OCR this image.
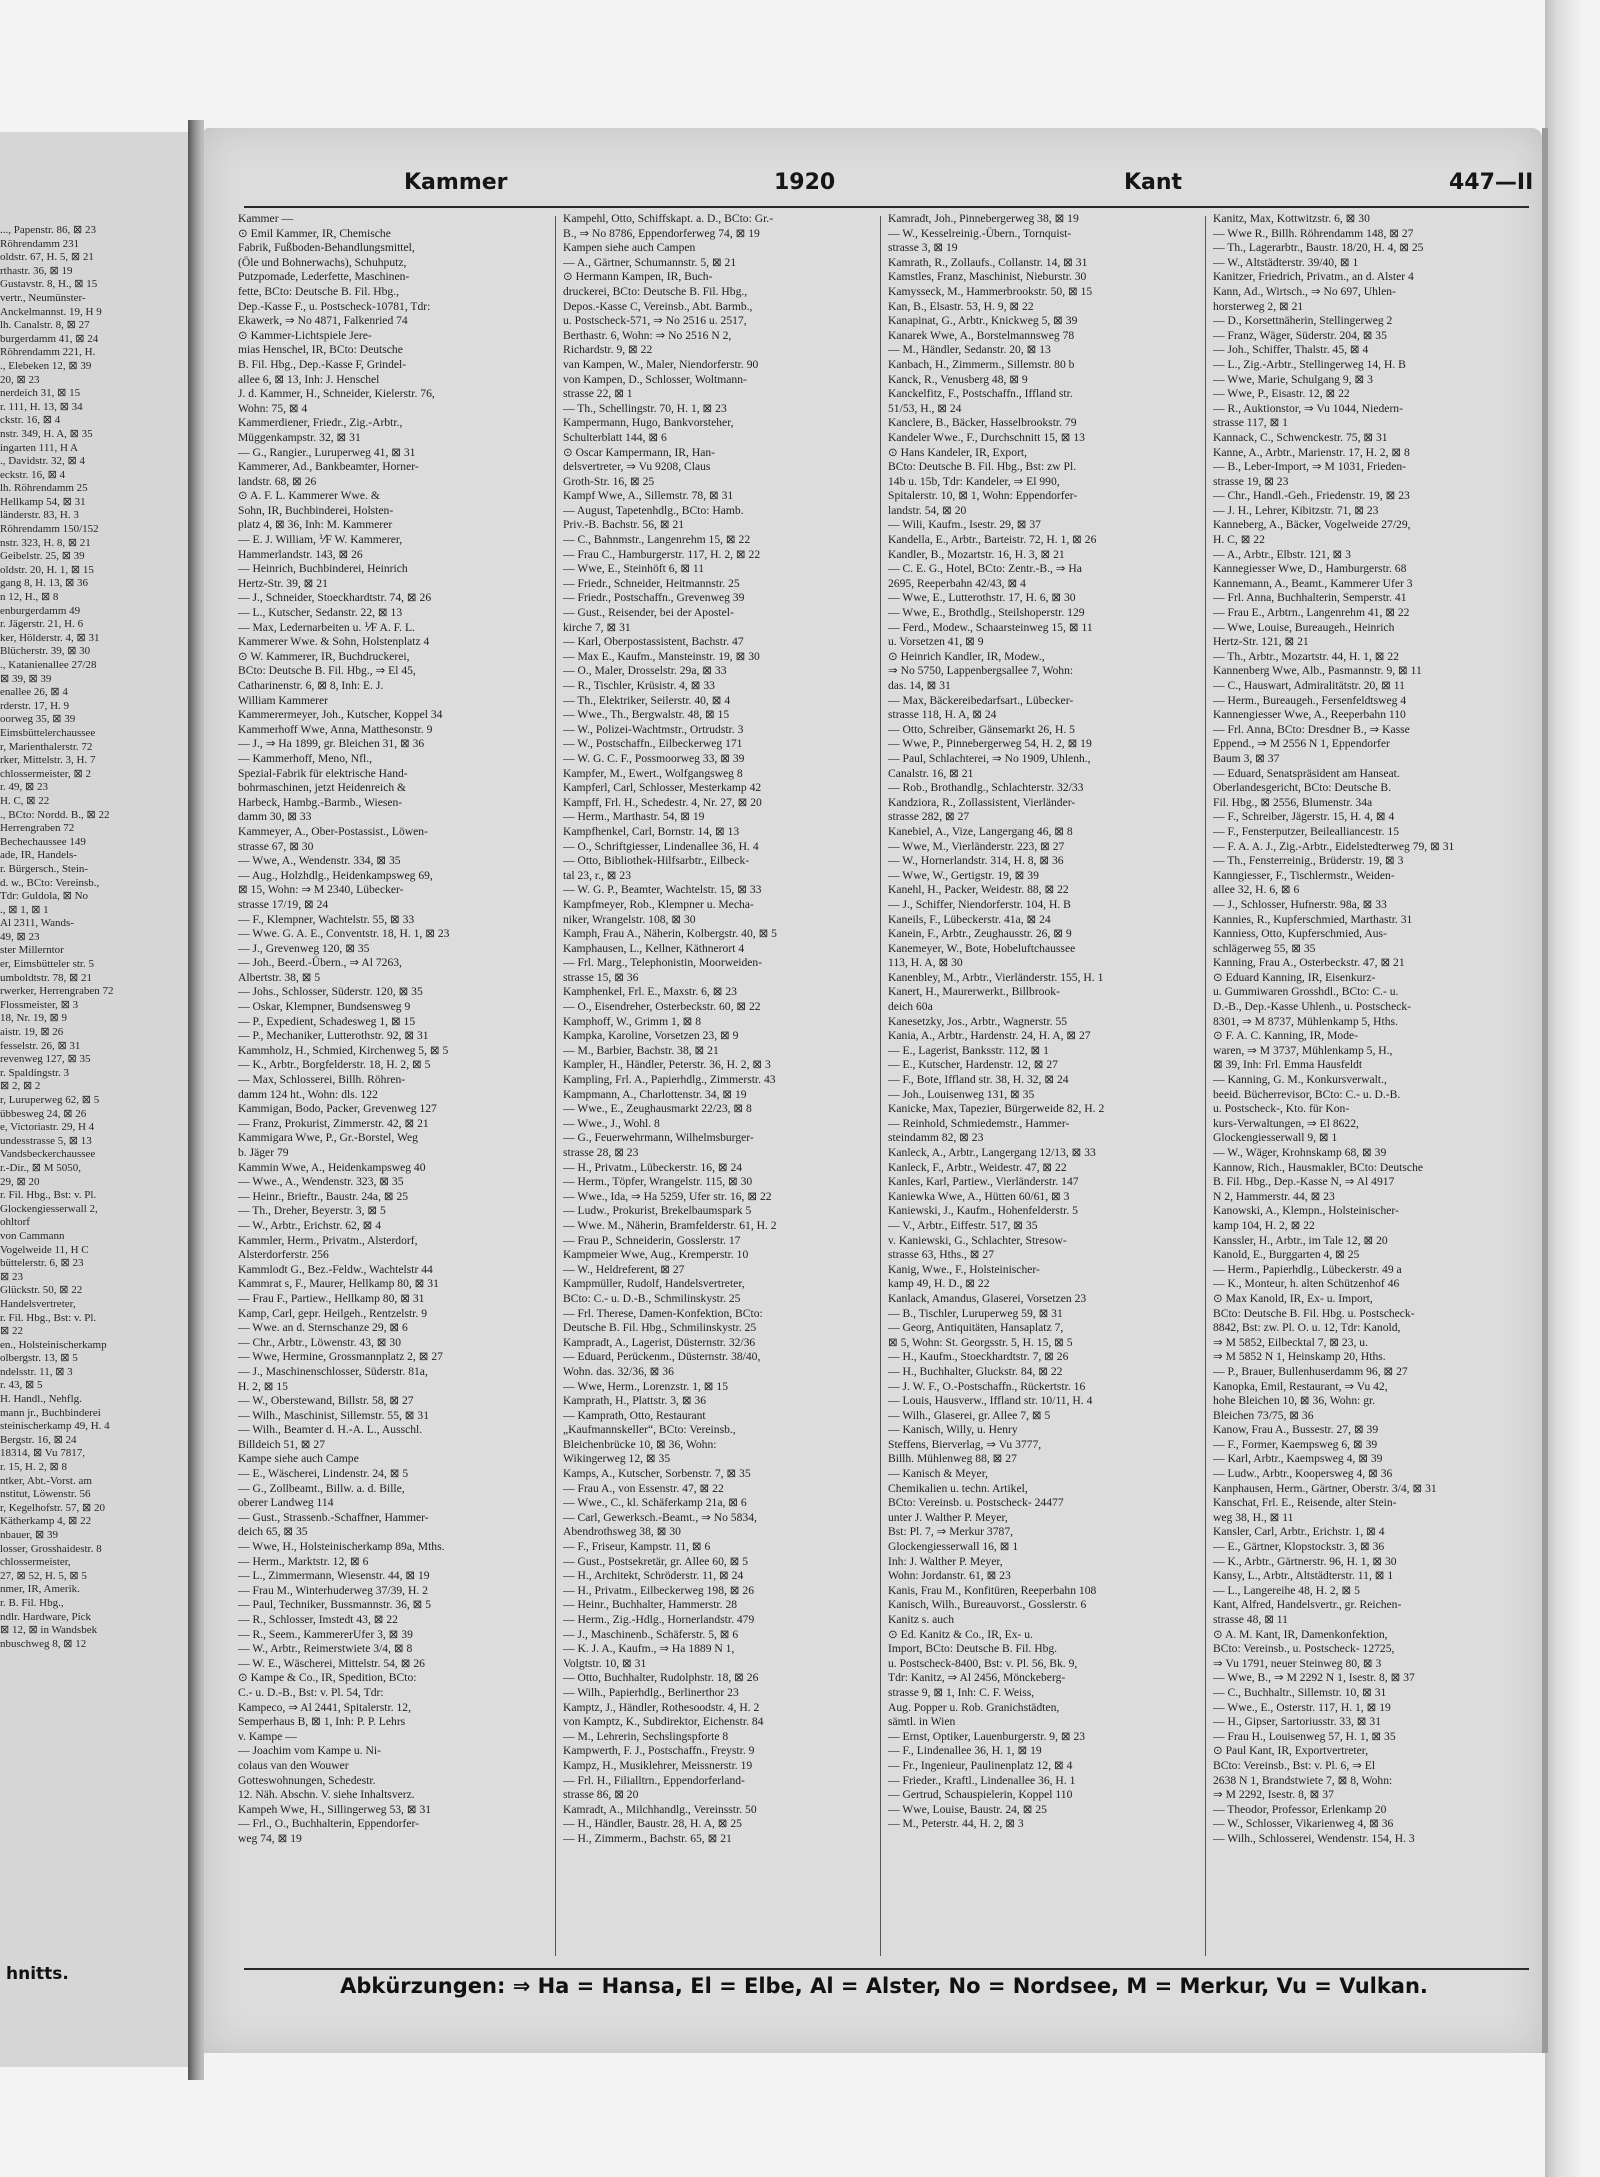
..., Papenstr. 86, ⊠ 23
Röhrendamm 231
oldstr. 67, H. 5, ⊠ 21
rthastr. 36, ⊠ 19
Gustavstr. 8, H., ⊠ 15
vertr., Neumünster-
Anckelmannst. 19, H 9
lh. Canalstr. 8, ⊠ 27
burgerdamm 41, ⊠ 24
Röhrendamm 221, H.
., Elebeken 12, ⊠ 39
20, ⊠ 23
nerdeich 31, ⊠ 15
r. 111, H. 13, ⊠ 34
ckstr. 16, ⊠ 4
nstr. 349, H. A, ⊠ 35
ingarten 111, H A
., Davidstr. 32, ⊠ 4
eckstr. 16, ⊠ 4
lh. Röhrendamm 25
Hellkamp 54, ⊠ 31
länderstr. 83, H. 3
Röhrendamm 150/152
nstr. 323, H. 8, ⊠ 21
Geibelstr. 25, ⊠ 39
oldstr. 20, H. 1, ⊠ 15
gang 8, H. 13, ⊠ 36
n 12, H., ⊠ 8
enburgerdamm 49
r. Jägerstr. 21, H. 6
ker, Hölderstr. 4, ⊠ 31
Blücherstr. 39, ⊠ 30
., Katanienallee 27/28
⊠ 39, ⊠ 39
enallee 26, ⊠ 4
rderstr. 17, H. 9
oorweg 35, ⊠ 39
Eimsbüttelerchaussee
r, Marienthalerstr. 72
rker, Mittelstr. 3, H. 7
chlossermeister, ⊠ 2
r. 49, ⊠ 23
H. C, ⊠ 22
., BCto: Nordd. B., ⊠ 22
Herrengraben 72
Bechechaussee 149
ade, IR, Handels-
r. Bürgersch., Stein-
d. w., BCto: Vereinsb.,
Tdr: Guldola, ⊠ No
., ⊠ 1, ⊠ 1
Al 2311, Wands-
49, ⊠ 23
ster Millerntor
er, Eimsbütteler str. 5
umboldtstr. 78, ⊠ 21
rwerker, Herrengraben 72
Flossmeister, ⊠ 3
18, Nr. 19, ⊠ 9
aistr. 19, ⊠ 26
fesselstr. 26, ⊠ 31
revenweg 127, ⊠ 35
r. Spaldingstr. 3
⊠ 2, ⊠ 2
r, Luruperweg 62, ⊠ 5
übbesweg 24, ⊠ 26
e, Victoriastr. 29, H 4
undesstrasse 5, ⊠ 13
Vandsbeckerchaussee
r.-Dir., ⊠ M 5050,
29, ⊠ 20
r. Fil. Hbg., Bst: v. Pl.
Glockengiesserwall 2,
ohltorf
von Cammann
Vogelweide 11, H C
büttelerstr. 6, ⊠ 23
⊠ 23
Glückstr. 50, ⊠ 22
Handelsvertreter,
r. Fil. Hbg., Bst: v. Pl.
⊠ 22
en., Holsteinischerkamp
olbergstr. 13, ⊠ 5
ndelsstr. 11, ⊠ 3
r. 43, ⊠ 5
H. Handl., Nehflg.
mann jr., Buchbinderei
steinischerkamp 49, H. 4
Bergstr. 16, ⊠ 24
18314, ⊠ Vu 7817,
r. 15, H. 2, ⊠ 8
ntker, Abt.-Vorst. am
nstitut, Löwenstr. 56
r, Kegelhofstr. 57, ⊠ 20
Kätherkamp 4, ⊠ 22
nbauer, ⊠ 39
losser, Grosshaidestr. 8
chlossermeister,
27, ⊠ 52, H. 5, ⊠ 5
nmer, IR, Amerik.
r. B. Fil. Hbg.,
ndlr. Hardware, Pick
⊠ 12, ⊠ in Wandsbek
nbuschweg 8, ⊠ 12
hnitts.
Kammer	1920	Kant	447—II
Kammer —
⊙ Emil Kammer, IR, Chemische
Fabrik, Fußboden-Behandlungsmittel,
(Öle und Bohnerwachs), Schuhputz,
Putzpomade, Lederfette, Maschinen-
fette, BCto: Deutsche B. Fil. Hbg.,
Dep.-Kasse F., u. Postscheck-10781, Tdr:
Ekawerk, ⇒ No 4871, Falkenried 74
⊙ Kammer-Lichtspiele Jere-
mias Henschel, IR, BCto: Deutsche
B. Fil. Hbg., Dep.-Kasse F, Grindel-
allee 6, ⊠ 13, Inh: J. Henschel
J. d. Kammer, H., Schneider, Kielerstr. 76,
Wohn: 75, ⊠ 4
Kammerdiener, Friedr., Zig.-Arbtr.,
Müggenkampstr. 32, ⊠ 31
— G., Rangier., Luruperweg 41, ⊠ 31
Kammerer, Ad., Bankbeamter, Horner-
landstr. 68, ⊠ 26
⊙ A. F. L. Kammerer Wwe. &
Sohn, IR, Buchbinderei, Holsten-
platz 4, ⊠ 36, Inh: M. Kammerer
— E. J. William, ⅟F W. Kammerer,
Hammerlandstr. 143, ⊠ 26
— Heinrich, Buchbinderei, Heinrich
Hertz-Str. 39, ⊠ 21
— J., Schneider, Stoeckhardtstr. 74, ⊠ 26
— L., Kutscher, Sedanstr. 22, ⊠ 13
— Max, Ledernarbeiten u. ⅟F A. F. L.
Kammerer Wwe. & Sohn, Holstenplatz 4
⊙ W. Kammerer, IR, Buchdruckerei,
BCto: Deutsche B. Fil. Hbg., ⇒ El 45,
Catharinenstr. 6, ⊠ 8, Inh: E. J.
William Kammerer
Kammerermeyer, Joh., Kutscher, Koppel 34
Kammerhoff Wwe, Anna, Matthesonstr. 9
— J., ⇒ Ha 1899, gr. Bleichen 31, ⊠ 36
— Kammerhoff, Meno, Nfl.,
Spezial-Fabrik für elektrische Hand-
bohrmaschinen, jetzt Heidenreich &
Harbeck, Hambg.-Barmb., Wiesen-
damm 30, ⊠ 33
Kammeyer, A., Ober-Postassist., Löwen-
strasse 67, ⊠ 30
— Wwe, A., Wendenstr. 334, ⊠ 35
— Aug., Holzhdlg., Heidenkampsweg 69,
⊠ 15, Wohn: ⇒ M 2340, Lübecker-
strasse 17/19, ⊠ 24
— F., Klempner, Wachtelstr. 55, ⊠ 33
— Wwe. G. A. E., Conventstr. 18, H. 1, ⊠ 23
— J., Grevenweg 120, ⊠ 35
— Joh., Beerd.-Übern., ⇒ Al 7263,
Albertstr. 38, ⊠ 5
— Johs., Schlosser, Süderstr. 120, ⊠ 35
— Oskar, Klempner, Bundsensweg 9
— P., Expedient, Schadesweg 1, ⊠ 15
— P., Mechaniker, Lutterothstr. 92, ⊠ 31
Kammholz, H., Schmied, Kirchenweg 5, ⊠ 5
— K., Arbtr., Borgfelderstr. 18, H. 2, ⊠ 5
— Max, Schlosserei, Billh. Röhren-
damm 124 ht., Wohn: dls. 122
Kammigan, Bodo, Packer, Grevenweg 127
— Franz, Prokurist, Zimmerstr. 42, ⊠ 21
Kammigara Wwe, P., Gr.-Borstel, Weg
b. Jäger 79
Kammin Wwe, A., Heidenkampsweg 40
— Wwe., A., Wendenstr. 323, ⊠ 35
— Heinr., Brieftr., Baustr. 24a, ⊠ 25
— Th., Dreher, Beyerstr. 3, ⊠ 5
— W., Arbtr., Erichstr. 62, ⊠ 4
Kammler, Herm., Privatm., Alsterdorf,
Alsterdorferstr. 256
Kammlodt G., Bez.-Feldw., Wachtelstr 44
Kammrat s, F., Maurer, Hellkamp 80, ⊠ 31
— Frau F., Partiew., Hellkamp 80, ⊠ 31
Kamp, Carl, gepr. Heilgeh., Rentzelstr. 9
— Wwe. an d. Sternschanze 29, ⊠ 6
— Chr., Arbtr., Löwenstr. 43, ⊠ 30
— Wwe, Hermine, Grossmannplatz 2, ⊠ 27
— J., Maschinenschlosser, Süderstr. 81a,
H. 2, ⊠ 15
— W., Oberstewand, Billstr. 58, ⊠ 27
— Wilh., Maschinist, Sillemstr. 55, ⊠ 31
— Wilh., Beamter d. H.-A. L., Ausschl.
Billdeich 51, ⊠ 27
Kampe siehe auch Campe
— E., Wäscherei, Lindenstr. 24, ⊠ 5
— G., Zollbeamt., Billw. a. d. Bille,
oberer Landweg 114
— Gust., Strassenb.-Schaffner, Hammer-
deich 65, ⊠ 35
— Wwe, H., Holsteinischerkamp 89a, Mths.
— Herm., Marktstr. 12, ⊠ 6
— L., Zimmermann, Wiesenstr. 44, ⊠ 19
— Frau M., Winterhuderweg 37/39, H. 2
— Paul, Techniker, Bussmannstr. 36, ⊠ 5
— R., Schlosser, Imstedt 43, ⊠ 22
— R., Seem., KammererUfer 3, ⊠ 39
— W., Arbtr., Reimerstwiete 3/4, ⊠ 8
— W. E., Wäscherei, Mittelstr. 54, ⊠ 26
⊙ Kampe & Co., IR, Spedition, BCto:
C.- u. D.-B., Bst: v. Pl. 54, Tdr:
Kampeco, ⇒ Al 2441, Spitalerstr. 12,
Semperhaus B, ⊠ 1, Inh: P. P. Lehrs
v. Kampe —
— Joachim vom Kampe u. Ni-
colaus van den Wouwer
Gotteswohnungen, Schedestr.
12. Näh. Abschn. V. siehe Inhaltsverz.
Kampeh Wwe, H., Sillingerweg 53, ⊠ 31
— Frl., O., Buchhalterin, Eppendorfer-
weg 74, ⊠ 19
Kampehl, Otto, Schiffskapt. a. D., BCto: Gr.-
B., ⇒ No 8786, Eppendorferweg 74, ⊠ 19
Kampen siehe auch Campen
— A., Gärtner, Schumannstr. 5, ⊠ 21
⊙ Hermann Kampen, IR, Buch-
druckerei, BCto: Deutsche B. Fil. Hbg.,
Depos.-Kasse C, Vereinsb., Abt. Barmb.,
u. Postscheck-571, ⇒ No 2516 u. 2517,
Berthastr. 6, Wohn: ⇒ No 2516 N 2,
Richardstr. 9, ⊠ 22
van Kampen, W., Maler, Niendorferstr. 90
von Kampen, D., Schlosser, Woltmann-
strasse 22, ⊠ 1
— Th., Schellingstr. 70, H. 1, ⊠ 23
Kampermann, Hugo, Bankvorsteher,
Schulterblatt 144, ⊠ 6
⊙ Oscar Kampermann, IR, Han-
delsvertreter, ⇒ Vu 9208, Claus
Groth-Str. 16, ⊠ 25
Kampf Wwe, A., Sillemstr. 78, ⊠ 31
— August, Tapetenhdlg., BCto: Hamb.
Priv.-B. Bachstr. 56, ⊠ 21
— C., Bahnmstr., Langenrehm 15, ⊠ 22
— Frau C., Hamburgerstr. 117, H. 2, ⊠ 22
— Wwe, E., Steinhöft 6, ⊠ 11
— Friedr., Schneider, Heitmannstr. 25
— Friedr., Postschaffn., Grevenweg 39
— Gust., Reisender, bei der Apostel-
kirche 7, ⊠ 31
— Karl, Oberpostassistent, Bachstr. 47
— Max E., Kaufm., Mansteinstr. 19, ⊠ 30
— O., Maler, Drosselstr. 29a, ⊠ 33
— R., Tischler, Krüsistr. 4, ⊠ 33
— Th., Elektriker, Seilerstr. 40, ⊠ 4
— Wwe., Th., Bergwalstr. 48, ⊠ 15
— W., Polizei-Wachtmstr., Ortrudstr. 3
— W., Postschaffn., Eilbeckerweg 171
— W. G. C. F., Possmoorweg 33, ⊠ 39
Kampfer, M., Ewert., Wolfgangsweg 8
Kampferl, Carl, Schlosser, Mesterkamp 42
Kampff, Frl. H., Schedestr. 4, Nr. 27, ⊠ 20
— Herm., Marthastr. 54, ⊠ 19
Kampfhenkel, Carl, Bornstr. 14, ⊠ 13
— O., Schriftgiesser, Lindenallee 36, H. 4
— Otto, Bibliothek-Hilfsarbtr., Eilbeck-
tal 23, r., ⊠ 23
— W. G. P., Beamter, Wachtelstr. 15, ⊠ 33
Kampfmeyer, Rob., Klempner u. Mecha-
niker, Wrangelstr. 108, ⊠ 30
Kamph, Frau A., Näherin, Kolbergstr. 40, ⊠ 5
Kamphausen, L., Kellner, Käthnerort 4
— Frl. Marg., Telephonistin, Moorweiden-
strasse 15, ⊠ 36
Kamphenkel, Frl. E., Maxstr. 6, ⊠ 23
— O., Eisendreher, Osterbeckstr. 60, ⊠ 22
Kamphoff, W., Grimm 1, ⊠ 8
Kampka, Karoline, Vorsetzen 23, ⊠ 9
— M., Barbier, Bachstr. 38, ⊠ 21
Kampler, H., Händler, Peterstr. 36, H. 2, ⊠ 3
Kampling, Frl. A., Papierhdlg., Zimmerstr. 43
Kampmann, A., Charlottenstr. 34, ⊠ 19
— Wwe., E., Zeughausmarkt 22/23, ⊠ 8
— Wwe., J., Wohl. 8
— G., Feuerwehrmann, Wilhelmsburger-
strasse 28, ⊠ 23
— H., Privatm., Lübeckerstr. 16, ⊠ 24
— Herm., Töpfer, Wrangelstr. 115, ⊠ 30
— Wwe., Ida, ⇒ Ha 5259, Ufer str. 16, ⊠ 22
— Ludw., Prokurist, Brekelbaumspark 5
— Wwe. M., Näherin, Bramfelderstr. 61, H. 2
— Frau P., Schneiderin, Gosslerstr. 17
Kampmeier Wwe, Aug., Kremperstr. 10
— W., Heldreferent, ⊠ 27
Kampmüller, Rudolf, Handelsvertreter,
BCto: C.- u. D.-B., Schmilinskystr. 25
— Frl. Therese, Damen-Konfektion, BCto:
Deutsche B. Fil. Hbg., Schmilinskystr. 25
Kampradt, A., Lagerist, Düsternstr. 32/36
— Eduard, Perückenm., Düsternstr. 38/40,
Wohn. das. 32/36, ⊠ 36
— Wwe, Herm., Lorenzstr. 1, ⊠ 15
Kamprath, H., Plattstr. 3, ⊠ 36
— Kamprath, Otto, Restaurant
„Kaufmannskeller“, BCto: Vereinsb.,
Bleichenbrücke 10, ⊠ 36, Wohn:
Wikingerweg 12, ⊠ 35
Kamps, A., Kutscher, Sorbenstr. 7, ⊠ 35
— Frau A., von Essenstr. 47, ⊠ 22
— Wwe., C., kl. Schäferkamp 21a, ⊠ 6
— Carl, Gewerksch.-Beamt., ⇒ No 5834,
Abendrothsweg 38, ⊠ 30
— F., Friseur, Kampstr. 11, ⊠ 6
— Gust., Postsekretär, gr. Allee 60, ⊠ 5
— H., Architekt, Schröderstr. 11, ⊠ 24
— H., Privatm., Eilbeckerweg 198, ⊠ 26
— Heinr., Buchhalter, Hammerstr. 28
— Herm., Zig.-Hdlg., Hornerlandstr. 479
— J., Maschinenb., Schäferstr. 5, ⊠ 6
— K. J. A., Kaufm., ⇒ Ha 1889 N 1,
Volgtstr. 10, ⊠ 31
— Otto, Buchhalter, Rudolphstr. 18, ⊠ 26
— Wilh., Papierhdlg., Berlinerthor 23
Kamptz, J., Händler, Rothesoodstr. 4, H. 2
von Kamptz, K., Subdirektor, Eichenstr. 84
— M., Lehrerin, Sechslingspforte 8
Kampwerth, F. J., Postschaffn., Freystr. 9
Kampz, H., Musiklehrer, Meissnerstr. 19
— Frl. H., Filialltrn., Eppendorferland-
strasse 86, ⊠ 20
Kamradt, A., Milchhandlg., Vereinsstr. 50
— H., Händler, Baustr. 28, H. A, ⊠ 25
— H., Zimmerm., Bachstr. 65, ⊠ 21
Kamradt, Joh., Pinnebergerweg 38, ⊠ 19
— W., Kesselreinig.-Übern., Tornquist-
strasse 3, ⊠ 19
Kamrath, R., Zollaufs., Collanstr. 14, ⊠ 31
Kamstles, Franz, Maschinist, Nieburstr. 30
Kamysseck, M., Hammerbrookstr. 50, ⊠ 15
Kan, B., Elsastr. 53, H. 9, ⊠ 22
Kanapinat, G., Arbtr., Knickweg 5, ⊠ 39
Kanarek Wwe, A., Borstelmannsweg 78
— M., Händler, Sedanstr. 20, ⊠ 13
Kanbach, H., Zimmerm., Sillemstr. 80 b
Kanck, R., Venusberg 48, ⊠ 9
Kanckelfitz, F., Postschaffn., Iffland str.
51/53, H., ⊠ 24
Kanclere, B., Bäcker, Hasselbrookstr. 79
Kandeler Wwe., F., Durchschnitt 15, ⊠ 13
⊙ Hans Kandeler, IR, Export,
BCto: Deutsche B. Fil. Hbg., Bst: zw Pl.
14b u. 15b, Tdr: Kandeler, ⇒ El 990,
Spitalerstr. 10, ⊠ 1, Wohn: Eppendorfer-
landstr. 54, ⊠ 20
— Wili, Kaufm., Isestr. 29, ⊠ 37
Kandella, E., Arbtr., Barteistr. 72, H. 1, ⊠ 26
Kandler, B., Mozartstr. 16, H. 3, ⊠ 21
— C. E. G., Hotel, BCto: Zentr.-B., ⇒ Ha
2695, Reeperbahn 42/43, ⊠ 4
— Wwe, E., Lutterothstr. 17, H. 6, ⊠ 30
— Wwe, E., Brothdlg., Steilshoperstr. 129
— Ferd., Modew., Schaarsteinweg 15, ⊠ 11
u. Vorsetzen 41, ⊠ 9
⊙ Heinrich Kandler, IR, Modew.,
⇒ No 5750, Lappenbergsallee 7, Wohn:
das. 14, ⊠ 31
— Max, Bäckereibedarfsart., Lübecker-
strasse 118, H. A, ⊠ 24
— Otto, Schreiber, Gänsemarkt 26, H. 5
— Wwe, P., Pinnebergerweg 54, H. 2, ⊠ 19
— Paul, Schlachterei, ⇒ No 1909, Uhlenh.,
Canalstr. 16, ⊠ 21
— Rob., Brothandlg., Schlachterstr. 32/33
Kandziora, R., Zollassistent, Vierländer-
strasse 282, ⊠ 27
Kanebiel, A., Vize, Langergang 46, ⊠ 8
— Wwe, M., Vierländerstr. 223, ⊠ 27
— W., Hornerlandstr. 314, H. 8, ⊠ 36
— Wwe, W., Gertigstr. 19, ⊠ 39
Kanehl, H., Packer, Weidestr. 88, ⊠ 22
— J., Schiffer, Niendorferstr. 104, H. B
Kaneils, F., Lübeckerstr. 41a, ⊠ 24
Kanein, F., Arbtr., Zeughausstr. 26, ⊠ 9
Kanemeyer, W., Bote, Hobeluftchaussee
113, H. A, ⊠ 30
Kanenbley, M., Arbtr., Vierländerstr. 155, H. 1
Kanert, H., Maurerwerkt., Billbrook-
deich 60a
Kanesetzky, Jos., Arbtr., Wagnerstr. 55
Kania, A., Arbtr., Hardenstr. 24, H. A, ⊠ 27
— E., Lagerist, Banksstr. 112, ⊠ 1
— E., Kutscher, Hardenstr. 12, ⊠ 27
— F., Bote, Iffland str. 38, H. 32, ⊠ 24
— Joh., Louisenweg 131, ⊠ 35
Kanicke, Max, Tapezier, Bürgerweide 82, H. 2
— Reinhold, Schmiedemstr., Hammer-
steindamm 82, ⊠ 23
Kanleck, A., Arbtr., Langergang 12/13, ⊠ 33
Kanleck, F., Arbtr., Weidestr. 47, ⊠ 22
Kanles, Karl, Partiew., Vierländerstr. 147
Kaniewka Wwe, A., Hütten 60/61, ⊠ 3
Kaniewski, J., Kaufm., Hohenfelderstr. 5
— V., Arbtr., Eiffestr. 517, ⊠ 35
v. Kaniewski, G., Schlachter, Stresow-
strasse 63, Hths., ⊠ 27
Kanig, Wwe., F., Holsteinischer-
kamp 49, H. D., ⊠ 22
Kanlack, Amandus, Glaserei, Vorsetzen 23
— B., Tischler, Luruperweg 59, ⊠ 31
— Georg, Antiquitäten, Hansaplatz 7,
⊠ 5, Wohn: St. Georgsstr. 5, H. 15, ⊠ 5
— H., Kaufm., Stoeckhardtstr. 7, ⊠ 26
— H., Buchhalter, Gluckstr. 84, ⊠ 22
— J. W. F., O.-Postschaffn., Rückertstr. 16
— Louis, Hausverw., Iffland str. 10/11, H. 4
— Wilh., Glaserei, gr. Allee 7, ⊠ 5
— Kanisch, Willy, u. Henry
Steffens, Bierverlag, ⇒ Vu 3777,
Billh. Mühlenweg 88, ⊠ 27
— Kanisch & Meyer,
Chemikalien u. techn. Artikel,
BCto: Vereinsb. u. Postscheck- 24477
unter J. Walther P. Meyer,
Bst: Pl. 7, ⇒ Merkur 3787,
Glockengiesserwall 16, ⊠ 1
Inh: J. Walther P. Meyer,
Wohn: Jordanstr. 61, ⊠ 23
Kanis, Frau M., Konfitüren, Reeperbahn 108
Kanisch, Wilh., Bureauvorst., Gosslerstr. 6
Kanitz s. auch
⊙ Ed. Kanitz & Co., IR, Ex- u.
Import, BCto: Deutsche B. Fil. Hbg.
u. Postscheck-8400, Bst: v. Pl. 56, Bk. 9,
Tdr: Kanitz, ⇒ Al 2456, Mönckeberg-
strasse 9, ⊠ 1, Inh: C. F. Weiss,
Aug. Popper u. Rob. Granichstädten,
sämtl. in Wien
— Ernst, Optiker, Lauenburgerstr. 9, ⊠ 23
— F., Lindenallee 36, H. 1, ⊠ 19
— Fr., Ingenieur, Paulinenplatz 12, ⊠ 4
— Frieder., Kraftl., Lindenallee 36, H. 1
— Gertrud, Schauspielerin, Koppel 110
— Wwe, Louise, Baustr. 24, ⊠ 25
— M., Peterstr. 44, H. 2, ⊠ 3
Kanitz, Max, Kottwitzstr. 6, ⊠ 30
— Wwe R., Billh. Röhrendamm 148, ⊠ 27
— Th., Lagerarbtr., Baustr. 18/20, H. 4, ⊠ 25
— W., Altstädterstr. 39/40, ⊠ 1
Kanitzer, Friedrich, Privatm., an d. Alster 4
Kann, Ad., Wirtsch., ⇒ No 697, Uhlen-
horsterweg 2, ⊠ 21
— D., Korsettnäherin, Stellingerweg 2
— Franz, Wäger, Süderstr. 204, ⊠ 35
— Joh., Schiffer, Thalstr. 45, ⊠ 4
— L., Zig.-Arbtr., Stellingerweg 14, H. B
— Wwe, Marie, Schulgang 9, ⊠ 3
— Wwe, P., Eisastr. 12, ⊠ 22
— R., Auktionstor, ⇒ Vu 1044, Niedern-
strasse 117, ⊠ 1
Kannack, C., Schwenckestr. 75, ⊠ 31
Kanne, A., Arbtr., Marienstr. 17, H. 2, ⊠ 8
— B., Leber-Import, ⇒ M 1031, Frieden-
strasse 19, ⊠ 23
— Chr., Handl.-Geh., Friedenstr. 19, ⊠ 23
— J. H., Lehrer, Kibitzstr. 71, ⊠ 23
Kanneberg, A., Bäcker, Vogelweide 27/29,
H. C, ⊠ 22
— A., Arbtr., Elbstr. 121, ⊠ 3
Kannegiesser Wwe, D., Hamburgerstr. 68
Kannemann, A., Beamt., Kammerer Ufer 3
— Frl. Anna, Buchhalterin, Semperstr. 41
— Frau E., Arbtrn., Langenrehm 41, ⊠ 22
— Wwe, Louise, Bureaugeh., Heinrich
Hertz-Str. 121, ⊠ 21
— Th., Arbtr., Mozartstr. 44, H. 1, ⊠ 22
Kannenberg Wwe, Alb., Pasmannstr. 9, ⊠ 11
— C., Hauswart, Admiralitätstr. 20, ⊠ 11
— Herm., Bureaugeh., Fersenfeldtsweg 4
Kannengiesser Wwe, A., Reeperbahn 110
— Frl. Anna, BCto: Dresdner B., ⇒ Kasse
Eppend., ⇒ M 2556 N 1, Eppendorfer
Baum 3, ⊠ 37
— Eduard, Senatspräsident am Hanseat.
Oberlandesgericht, BCto: Deutsche B.
Fil. Hbg., ⊠ 2556, Blumenstr. 34a
— F., Schreiber, Jägerstr. 15, H. 4, ⊠ 4
— F., Fensterputzer, Beilealliancestr. 15
— F. A. A. J., Zig.-Arbtr., Eidelstedterweg 79, ⊠ 31
— Th., Fensterreinig., Brüderstr. 19, ⊠ 3
Kanngiesser, F., Tischlermstr., Weiden-
allee 32, H. 6, ⊠ 6
— J., Schlosser, Hufnerstr. 98a, ⊠ 33
Kannies, R., Kupferschmied, Marthastr. 31
Kanniess, Otto, Kupferschmied, Aus-
schlägerweg 55, ⊠ 35
Kanning, Frau A., Osterbeckstr. 47, ⊠ 21
⊙ Eduard Kanning, IR, Eisenkurz-
u. Gummiwaren Grosshdl., BCto: C.- u.
D.-B., Dep.-Kasse Uhlenh., u. Postscheck-
8301, ⇒ M 8737, Mühlenkamp 5, Hths.
⊙ F. A. C. Kanning, IR, Mode-
waren, ⇒ M 3737, Mühlenkamp 5, H.,
⊠ 39, Inh: Frl. Emma Hausfeldt
— Kanning, G. M., Konkursverwalt.,
beeid. Bücherrevisor, BCto: C.- u. D.-B.
u. Postscheck-, Kto. für Kon-
kurs-Verwaltungen, ⇒ El 8622,
Glockengiesserwall 9, ⊠ 1
— W., Wäger, Krohnskamp 68, ⊠ 39
Kannow, Rich., Hausmakler, BCto: Deutsche
B. Fil. Hbg., Dep.-Kasse N, ⇒ Al 4917
N 2, Hammerstr. 44, ⊠ 23
Kanowski, A., Klempn., Holsteinischer-
kamp 104, H. 2, ⊠ 22
Kanssler, H., Arbtr., im Tale 12, ⊠ 20
Kanold, E., Burggarten 4, ⊠ 25
— Herm., Papierhdlg., Lübeckerstr. 49 a
— K., Monteur, h. alten Schützenhof 46
⊙ Max Kanold, IR, Ex- u. Import,
BCto: Deutsche B. Fil. Hbg. u. Postscheck-
8842, Bst: zw. Pl. O. u. 12, Tdr: Kanold,
⇒ M 5852, Eilbecktal 7, ⊠ 23, u.
⇒ M 5852 N 1, Heinskamp 20, Hths.
— P., Brauer, Bullenhuserdamm 96, ⊠ 27
Kanopka, Emil, Restaurant, ⇒ Vu 42,
hohe Bleichen 10, ⊠ 36, Wohn: gr.
Bleichen 73/75, ⊠ 36
Kanow, Frau A., Bussestr. 27, ⊠ 39
— F., Former, Kaempsweg 6, ⊠ 39
— Karl, Arbtr., Kaempsweg 4, ⊠ 39
— Ludw., Arbtr., Koopersweg 4, ⊠ 36
Kanphausen, Herm., Gärtner, Oberstr. 3/4, ⊠ 31
Kanschat, Frl. E., Reisende, alter Stein-
weg 38, H., ⊠ 11
Kansler, Carl, Arbtr., Erichstr. 1, ⊠ 4
— E., Gärtner, Klopstockstr. 3, ⊠ 36
— K., Arbtr., Gärtnerstr. 96, H. 1, ⊠ 30
Kansy, L., Arbtr., Altstädterstr. 11, ⊠ 1
— L., Langereihe 48, H. 2, ⊠ 5
Kant, Alfred, Handelsvertr., gr. Reichen-
strasse 48, ⊠ 11
⊙ A. M. Kant, IR, Damenkonfektion,
BCto: Vereinsb., u. Postscheck- 12725,
⇒ Vu 1791, neuer Steinweg 80, ⊠ 3
— Wwe, B., ⇒ M 2292 N 1, Isestr. 8, ⊠ 37
— C., Buchhaltr., Sillemstr. 10, ⊠ 31
— Wwe., E., Osterstr. 117, H. 1, ⊠ 19
— H., Gipser, Sartoriusstr. 33, ⊠ 31
— Frau H., Louisenweg 57, H. 1, ⊠ 35
⊙ Paul Kant, IR, Exportvertreter,
BCto: Vereinsb., Bst: v. Pl. 6, ⇒ El
2638 N 1, Brandstwiete 7, ⊠ 8, Wohn:
⇒ M 2292, Isestr. 8, ⊠ 37
— Theodor, Professor, Erlenkamp 20
— W., Schlosser, Vikarienweg 4, ⊠ 36
— Wilh., Schlosserei, Wendenstr. 154, H. 3
Abkürzungen: ⇒ Ha = Hansa, El = Elbe, Al = Alster, No = Nordsee, M = Merkur, Vu = Vulkan.
